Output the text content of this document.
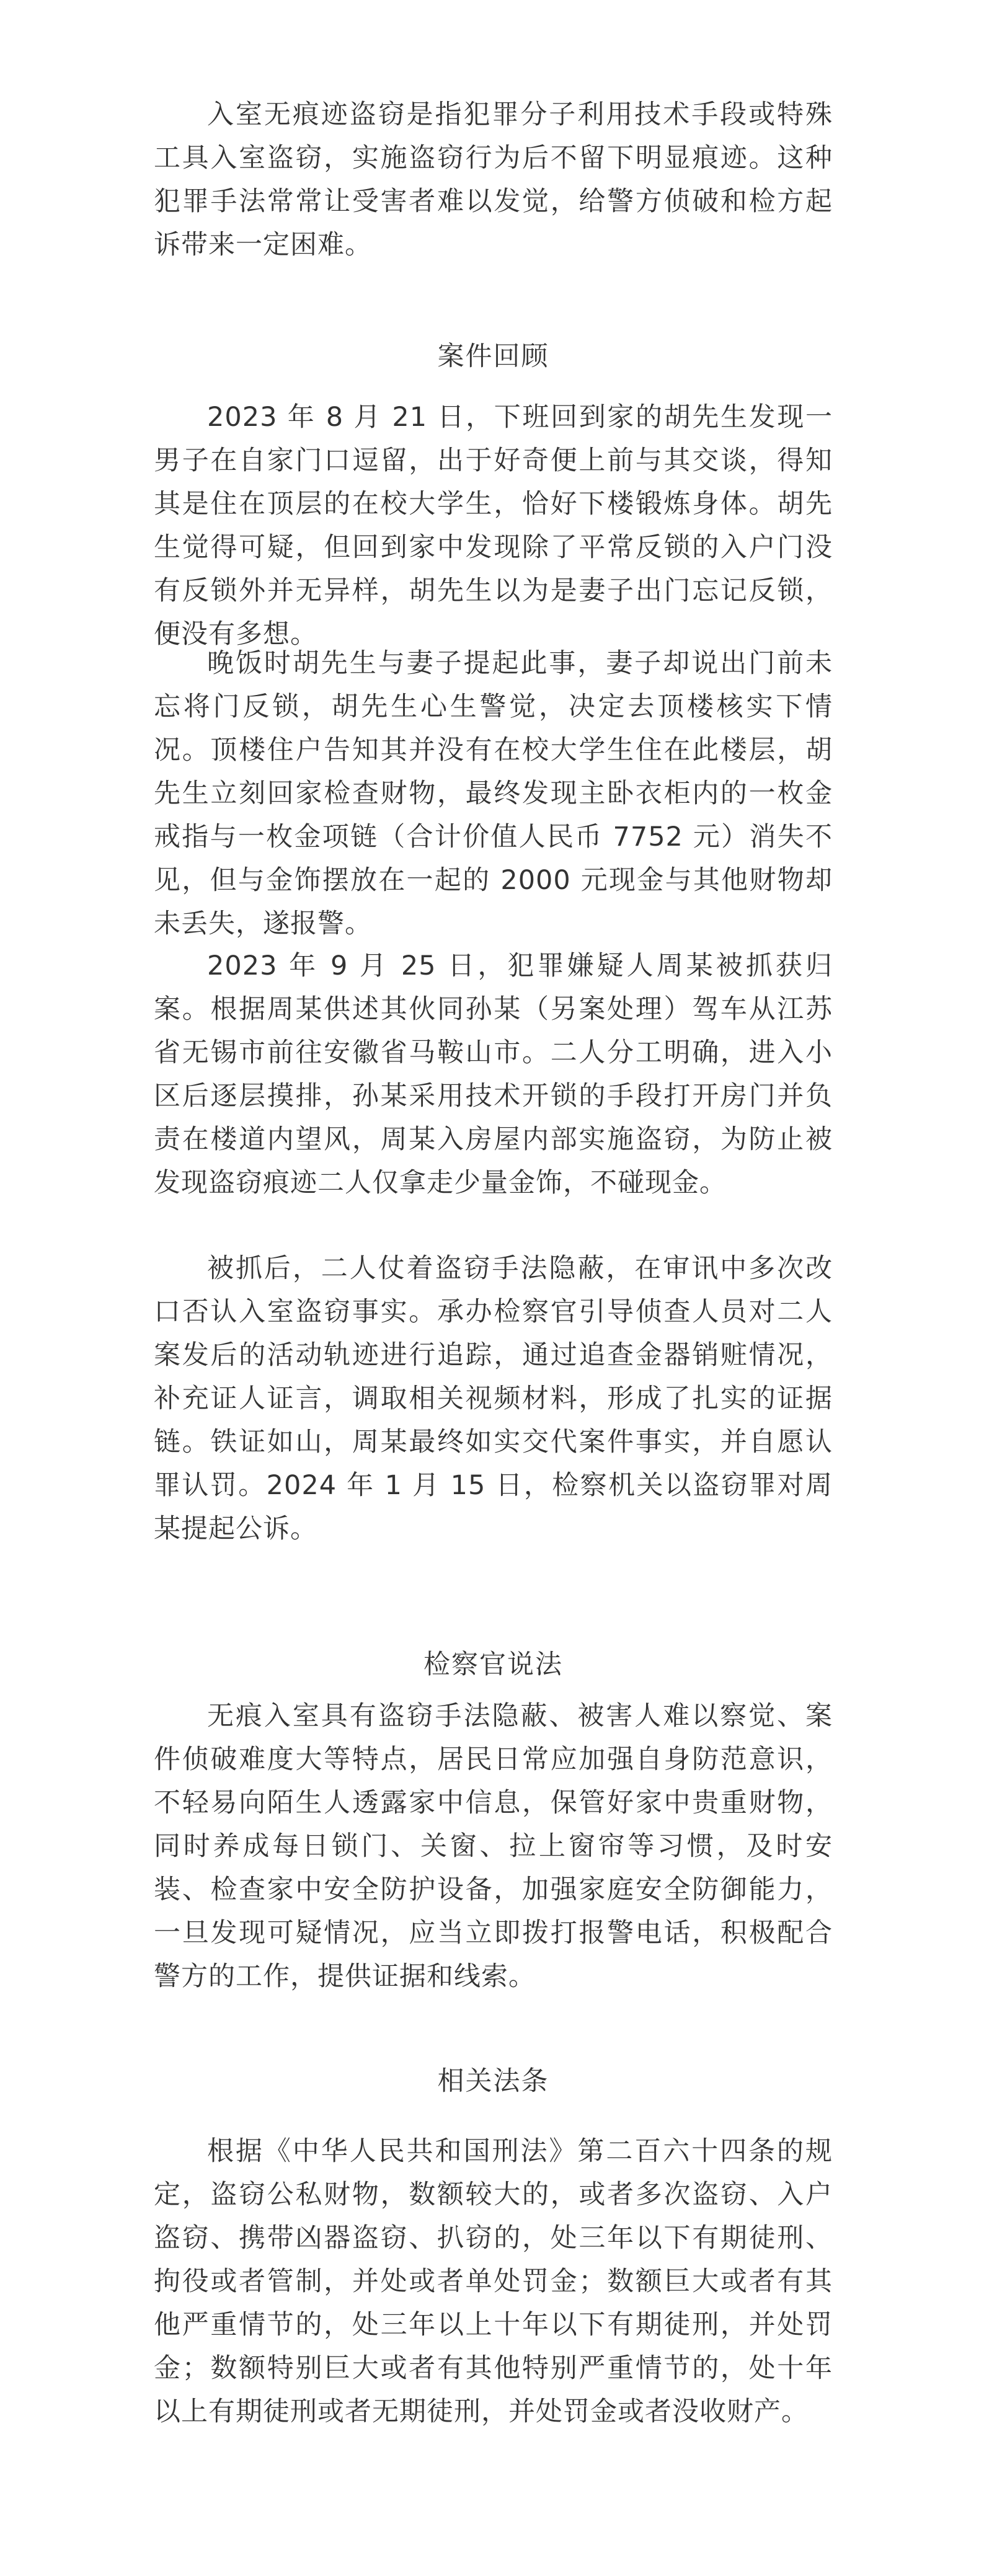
入室无痕迹盗窃是指犯罪分子利用技术手段或特殊工具入室盗窃，实施盗窃行为后不留下明显痕迹。这种犯罪手法常常让受害者难以发觉，给警方侦破和检方起诉带来一定困难。

案件回顾

2023 年 8 月 21 日，下班回到家的胡先生发现一男子在自家门口逗留，出于好奇便上前与其交谈，得知其是住在顶层的在校大学生，恰好下楼锻炼身体。胡先生觉得可疑，但回到家中发现除了平常反锁的入户门没有反锁外并无异样，胡先生以为是妻子出门忘记反锁，便没有多想。

晚饭时胡先生与妻子提起此事，妻子却说出门前未忘将门反锁，胡先生心生警觉，决定去顶楼核实下情况。顶楼住户告知其并没有在校大学生住在此楼层，胡先生立刻回家检查财物，最终发现主卧衣柜内的一枚金戒指与一枚金项链（合计价值人民币 7752 元）消失不见，但与金饰摆放在一起的 2000 元现金与其他财物却未丢失，遂报警。

2023 年 9 月 25 日，犯罪嫌疑人周某被抓获归案。根据周某供述其伙同孙某（另案处理）驾车从江苏省无锡市前往安徽省马鞍山市。二人分工明确，进入小区后逐层摸排，孙某采用技术开锁的手段打开房门并负责在楼道内望风，周某入房屋内部实施盗窃，为防止被发现盗窃痕迹二人仅拿走少量金饰，不碰现金。

被抓后，二人仗着盗窃手法隐蔽，在审讯中多次改口否认入室盗窃事实。承办检察官引导侦查人员对二人案发后的活动轨迹进行追踪，通过追查金器销赃情况，补充证人证言，调取相关视频材料，形成了扎实的证据链。铁证如山，周某最终如实交代案件事实，并自愿认罪认罚。2024 年 1 月 15 日，检察机关以盗窃罪对周某提起公诉。

检察官说法

无痕入室具有盗窃手法隐蔽、被害人难以察觉、案件侦破难度大等特点，居民日常应加强自身防范意识，不轻易向陌生人透露家中信息，保管好家中贵重财物，同时养成每日锁门、关窗、拉上窗帘等习惯，及时安装、检查家中安全防护设备，加强家庭安全防御能力，一旦发现可疑情况，应当立即拨打报警电话，积极配合警方的工作，提供证据和线索。

相关法条

根据《中华人民共和国刑法》第二百六十四条的规定，盗窃公私财物，数额较大的，或者多次盗窃、入户盗窃、携带凶器盗窃、扒窃的，处三年以下有期徒刑、拘役或者管制，并处或者单处罚金；数额巨大或者有其他严重情节的，处三年以上十年以下有期徒刑，并处罚金；数额特别巨大或者有其他特别严重情节的，处十年以上有期徒刑或者无期徒刑，并处罚金或者没收财产。
